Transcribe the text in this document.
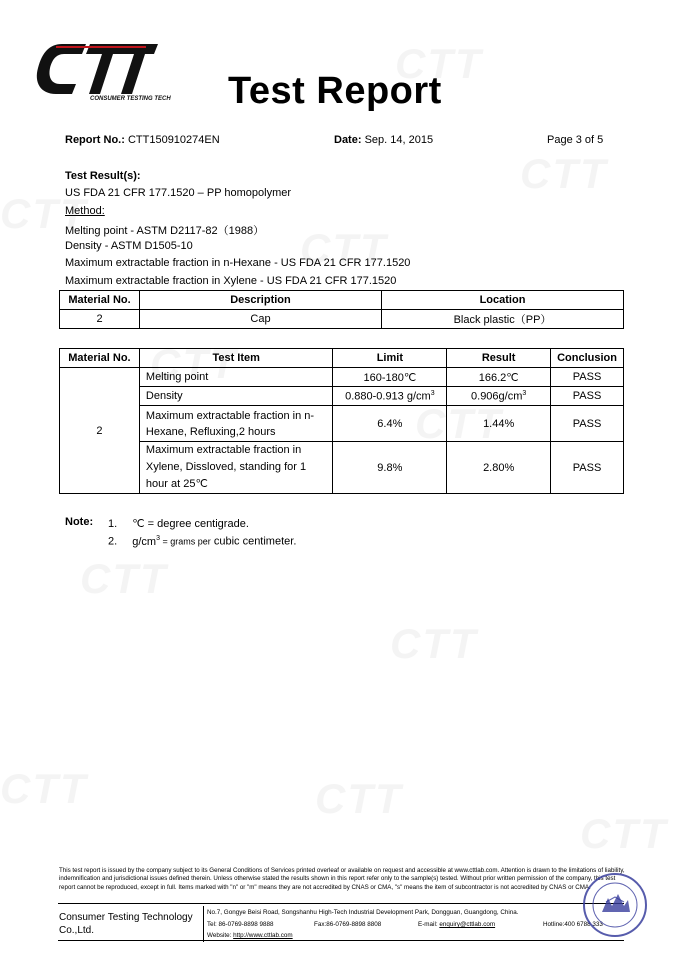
CONSUMER TESTING TECH Test Report
Report No.: CTT150910274EN	Date: Sep. 14, 2015	Page 3 of 5
Test Result(s):
US FDA 21 CFR 177.1520 – PP homopolymer
Method:
Melting point - ASTM D2117-82（1988）
Density - ASTM D1505-10
Maximum extractable fraction in n-Hexane - US FDA 21 CFR 177.1520
Maximum extractable fraction in Xylene - US FDA 21 CFR 177.1520
Material No.	Description	Location
2	Cap	Black plastic（PP）
Material No.	Test Item	Limit	Result	Conclusion
2	Melting point	160-180℃	166.2℃	PASS
	Density	0.880-0.913 $g/cm^3$	$0.906g/cm^3$	PASS
	Maximum extractable fraction in n-Hexane, Refluxing,2 hours	6.4%	1.44%	PASS
	Maximum extractable fraction in Xylene, Dissloved, standing for 1 hour at 25℃	9.8%	2.80%	PASS
Note: 1. ℃ = degree centigrade.
2. $g/cm^3$ = grams per cubic centimeter.
This test report is issued by the company subject to its General Conditions of Services printed overleaf or available on request and accessible at www.cttlab.com. Attention is drawn to the limitations of liability, indemnification and jurisdictional issues defined therein. Unless otherwise stated the results shown in this report refer only to the sample(s) tested. Without prior written permission of the company, this test report cannot be reproduced, except in full. Items marked with "n" or "m" means they are not accredited by CNAS or CMA, "s" means the item of subcontractor is not accredited by CNAS or CMA.
Consumer Testing Technology Co.,Ltd.
No.7, Gongye Beisi Road, Songshanhu High-Tech Industrial Development Park, Dongguan, Guangdong, China.
Tel: 86-0769-8898 9888	Fax:86-0769-8898 8808	E-mail: enquiry@cttlab.com	Hotline:400 6788 333
Website: http://www.cttlab.com
